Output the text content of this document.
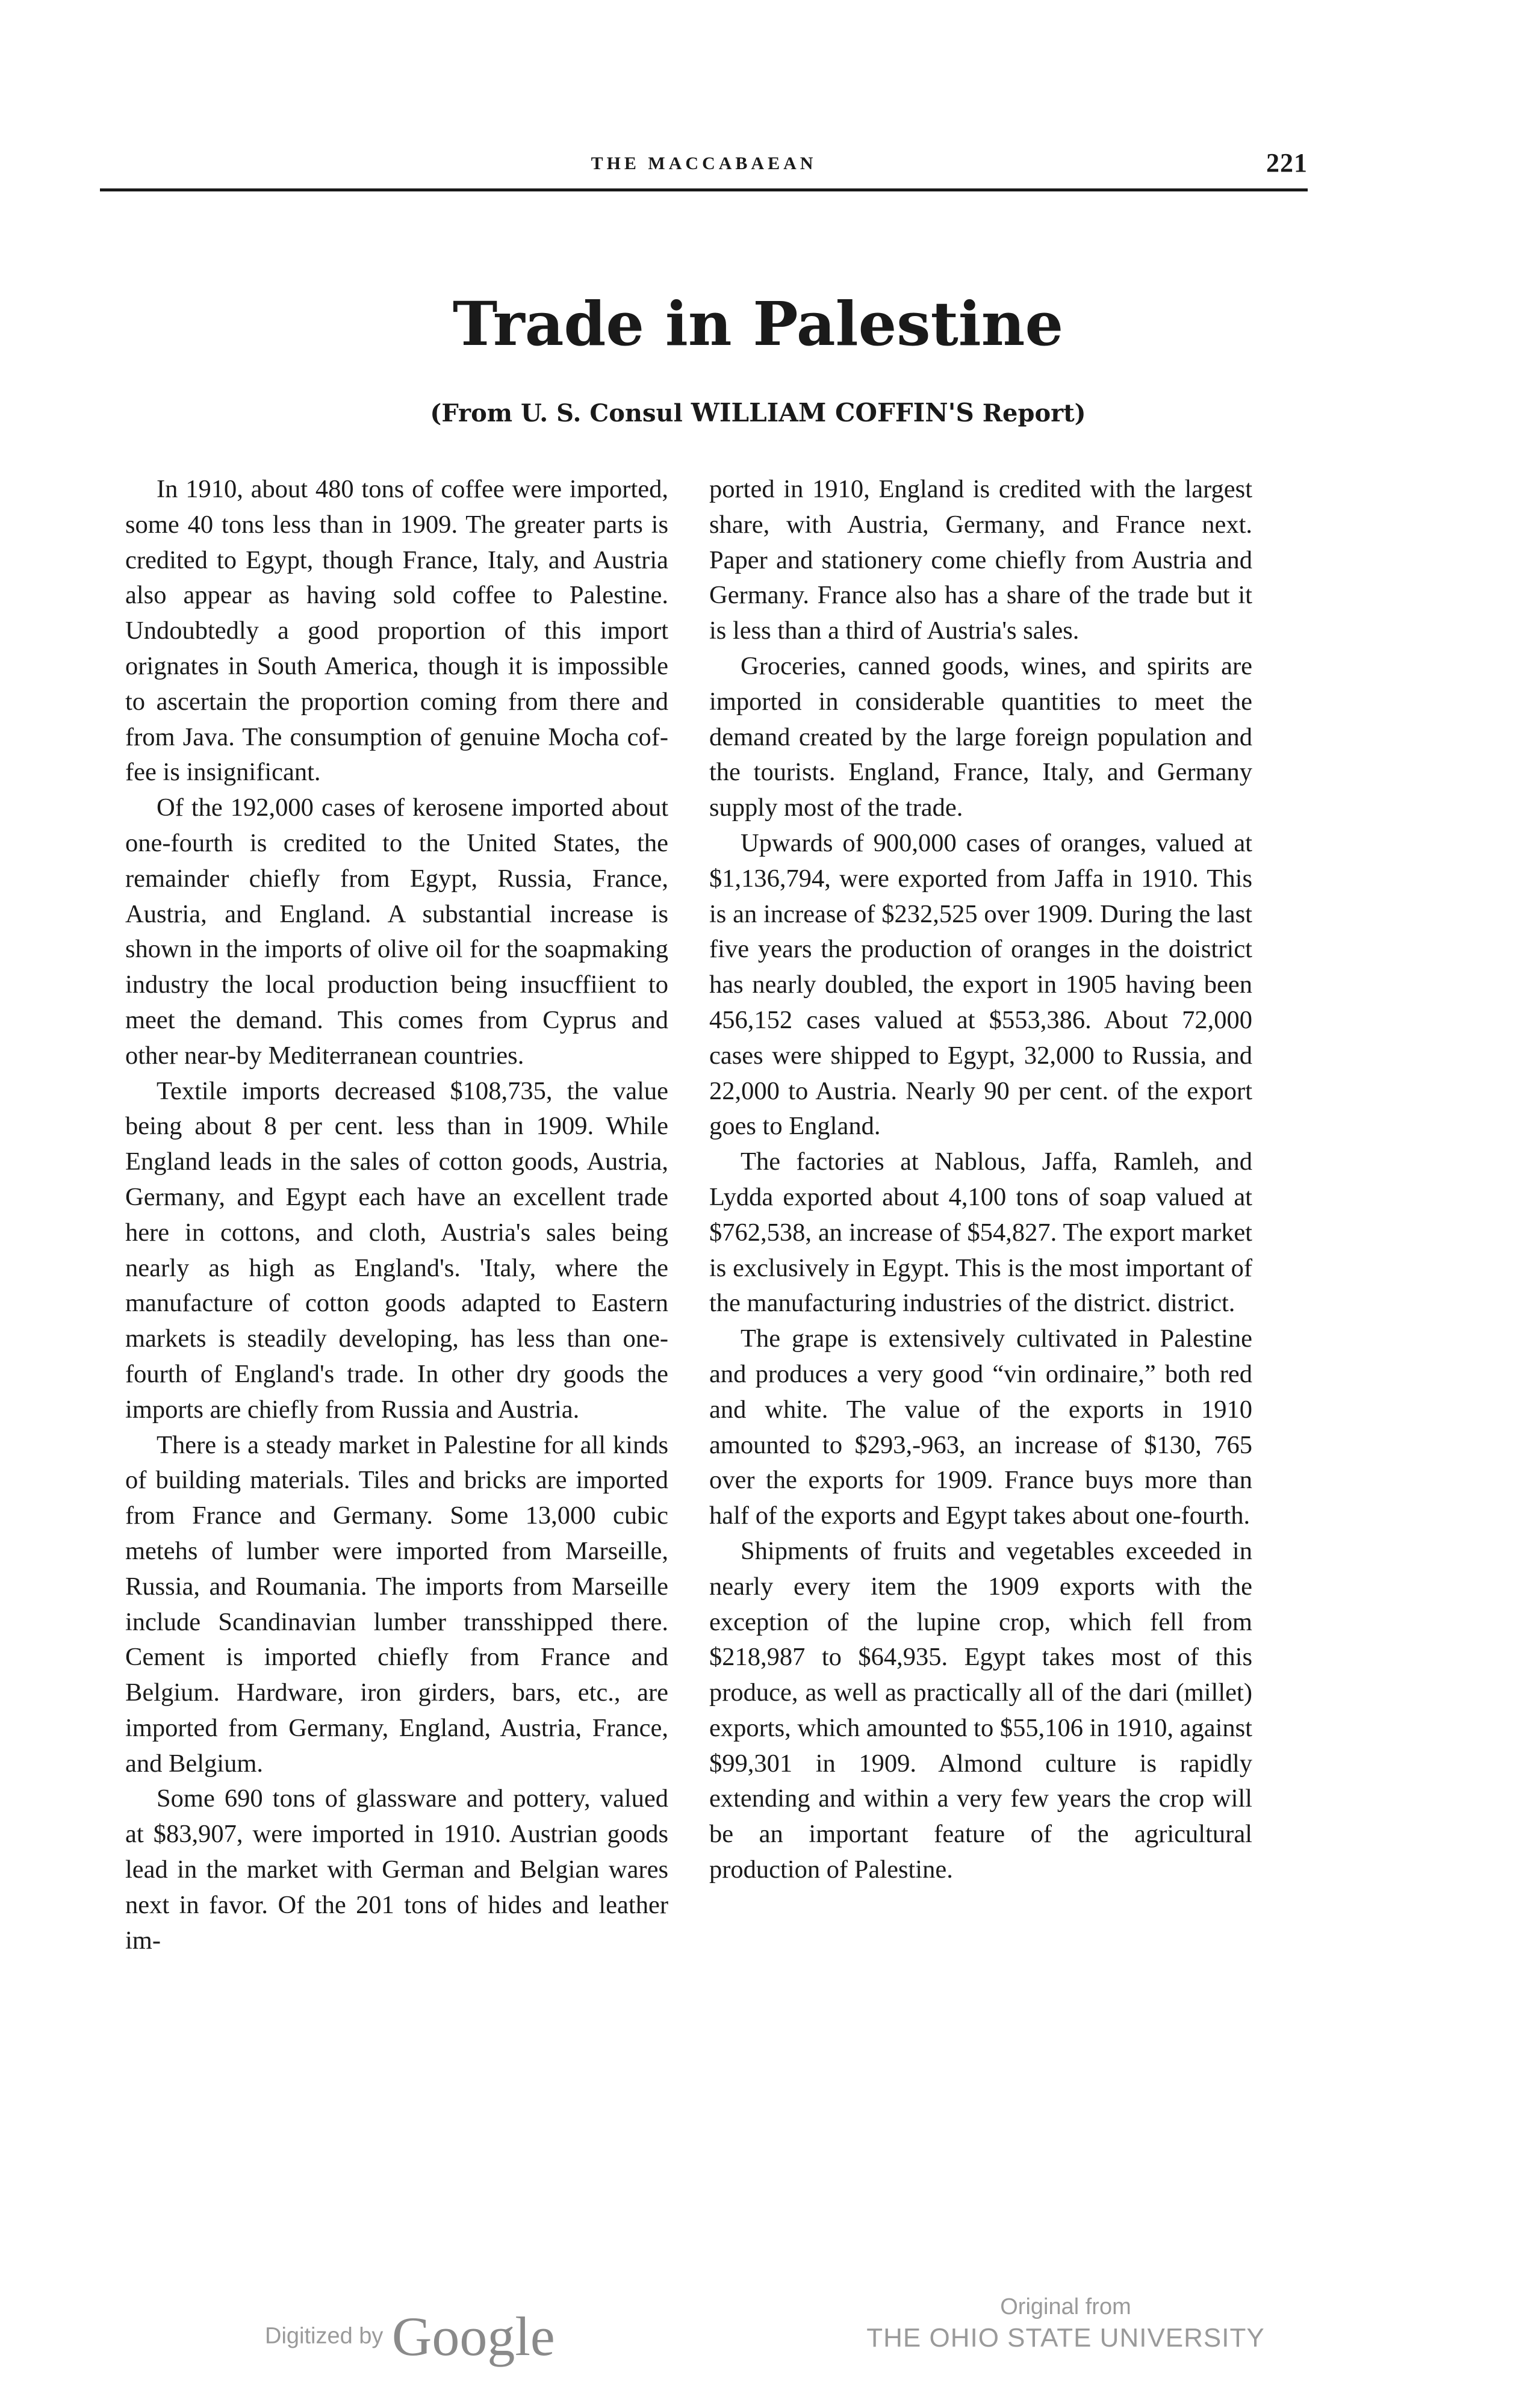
THE MACCABAEAN	221
Trade in Palestine
(From U. S. Consul WILLIAM COFFIN'S Report)

In 1910, about 480 tons of coffee were imported, some 40 tons less than in 1909. The greater parts is credited to Egypt, though France, Italy, and Austria also appear as having sold coffee to Palestine. Undoubtedly a good proportion of this import orignates in South America, though it is impossible to ascertain the proportion coming from there and from Java. The consumption of genuine Mocha coffee is insignificant.

Of the 192,000 cases of kerosene imported about one-fourth is credited to the United States, the remainder chiefly from Egypt, Russia, France, Austria, and England. A substantial increase is shown in the imports of olive oil for the soapmaking industry the local production being insucffiient to meet the demand. This comes from Cyprus and other near-by Mediterranean countries.

Textile imports decreased $108,735, the value being about 8 per cent. less than in 1909. While England leads in the sales of cotton goods, Austria, Germany, and Egypt each have an excellent trade here in cottons, and cloth, Austria's sales being nearly as high as England's. 'Italy, where the manufacture of cotton goods adapted to Eastern markets is steadily developing, has less than one-fourth of England's trade. In other dry goods the imports are chiefly from Russia and Austria.

There is a steady market in Palestine for all kinds of building materials. Tiles and bricks are imported from France and Germany. Some 13,000 cubic metehs of lumber were imported from Marseille, Russia, and Roumania. The imports from Marseille include Scandinavian lumber transshipped there. Cement is imported chiefly from France and Belgium. Hardware, iron girders, bars, etc., are imported from Germany, England, Austria, France, and Belgium.

Some 690 tons of glassware and pottery, valued at $83,907, were imported in 1910. Austrian goods lead in the market with German and Belgian wares next in favor. Of the 201 tons of hides and leather im-

ported in 1910, England is credited with the largest share, with Austria, Germany, and France next. Paper and stationery come chiefly from Austria and Germany. France also has a share of the trade but it is less than a third of Austria's sales.

Groceries, canned goods, wines, and spirits are imported in considerable quantities to meet the demand created by the large foreign population and the tourists. England, France, Italy, and Germany supply most of the trade.

Upwards of 900,000 cases of oranges, valued at $1,136,794, were exported from Jaffa in 1910. This is an increase of $232,525 over 1909. During the last five years the production of oranges in the doistrict has nearly doubled, the export in 1905 having been 456,152 cases valued at $553,386. About 72,000 cases were shipped to Egypt, 32,000 to Russia, and 22,000 to Austria. Nearly 90 per cent. of the export goes to England.

The factories at Nablous, Jaffa, Ramleh, and Lydda exported about 4,100 tons of soap valued at $762,538, an increase of $54,827. The export market is exclusively in Egypt. This is the most important of the manufacturing industries of the district. district.

The grape is extensively cultivated in Palestine and produces a very good “vin ordinaire,” both red and white. The value of the exports in 1910 amounted to $293,-963, an increase of $130, 765 over the exports for 1909. France buys more than half of the exports and Egypt takes about one-fourth.

Shipments of fruits and vegetables exceeded in nearly every item the 1909 exports with the exception of the lupine crop, which fell from $218,987 to $64,935. Egypt takes most of this produce, as well as practically all of the dari (millet) exports, which amounted to $55,106 in 1910, against $99,301 in 1909. Almond culture is rapidly extending and within a very few years the crop will be an important feature of the agricultural production of Palestine.

Digitized by Google	Original from
THE OHIO STATE UNIVERSITY
